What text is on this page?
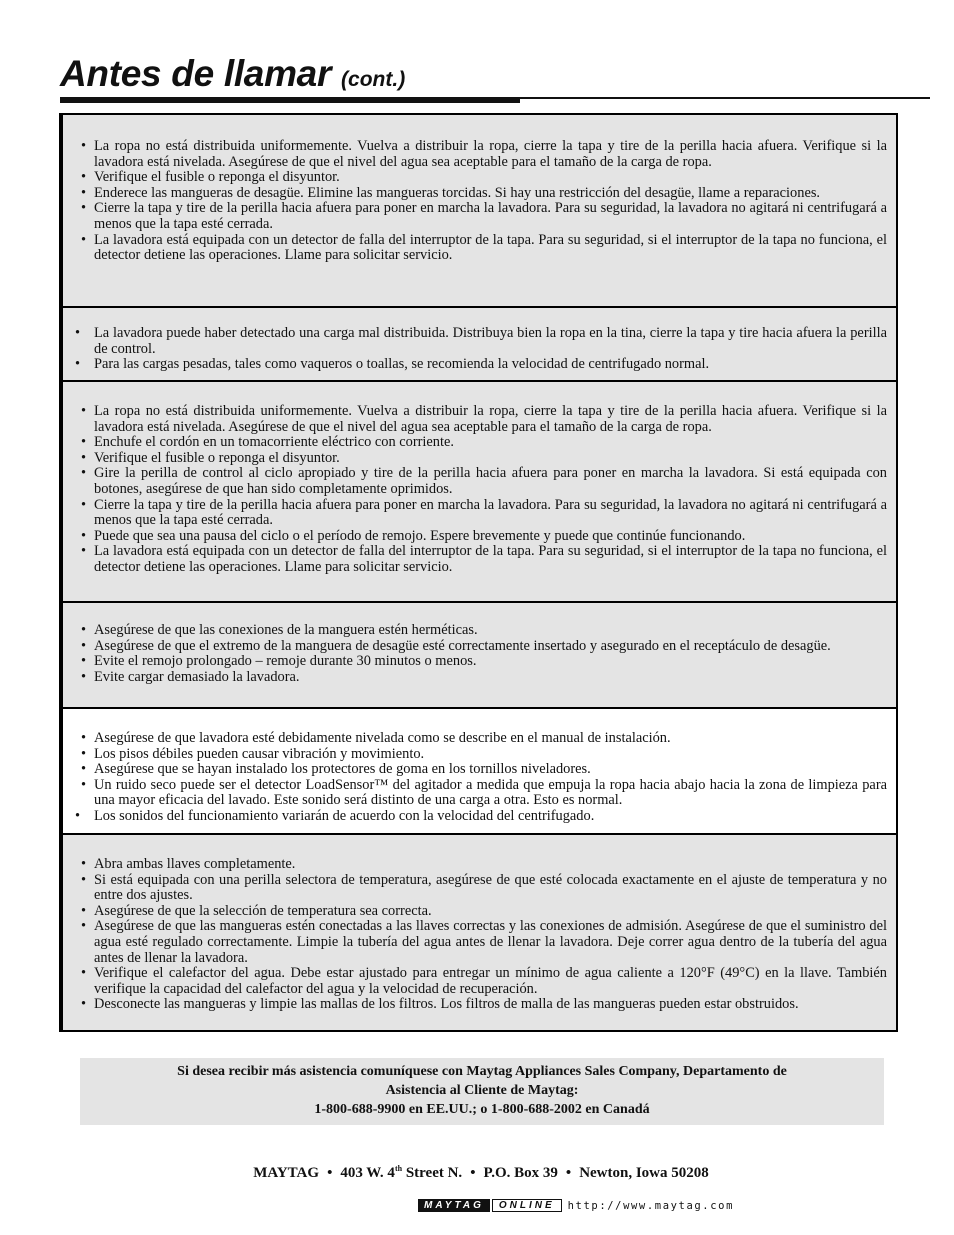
Antes de llamar (cont.)
• La ropa no está distribuida uniformemente. Vuelva a distribuir la ropa, cierre la tapa y tire de la perilla hacia afuera. Verifique si la lavadora está nivelada. Asegúrese de que el nivel del agua sea aceptable para el tamaño de la carga de ropa.
• Verifique el fusible o reponga el disyuntor.
• Enderece las mangueras de desagüe. Elimine las mangueras torcidas. Si hay una restricción del desagüe, llame a reparaciones.
• Cierre la tapa y tire de la perilla hacia afuera para poner en marcha la lavadora. Para su seguridad, la lavadora no agitará ni centrifugará a menos que la tapa esté cerrada.
• La lavadora está equipada con un detector de falla del interruptor de la tapa. Para su seguridad, si el interruptor de la tapa no funciona, el detector detiene las operaciones. Llame para solicitar servicio.
• La lavadora puede haber detectado una carga mal distribuida. Distribuya bien la ropa en la tina, cierre la tapa y tire hacia afuera la perilla de control.
• Para las cargas pesadas, tales como vaqueros o toallas, se recomienda la velocidad de centrifugado normal.
• La ropa no está distribuida uniformemente. Vuelva a distribuir la ropa, cierre la tapa y tire de la perilla hacia afuera. Verifique si la lavadora está nivelada. Asegúrese de que el nivel del agua sea aceptable para el tamaño de la carga de ropa.
• Enchufe el cordón en un tomacorriente eléctrico con corriente.
• Verifique el fusible o reponga el disyuntor.
• Gire la perilla de control al ciclo apropiado y tire de la perilla hacia afuera para poner en marcha la lavadora. Si está equipada con botones, asegúrese de que han sido completamente oprimidos.
• Cierre la tapa y tire de la perilla hacia afuera para poner en marcha la lavadora. Para su seguridad, la lavadora no agitará ni centrifugará a menos que la tapa esté cerrada.
• Puede que sea una pausa del ciclo o el período de remojo. Espere brevemente y puede que continúe funcionando.
• La lavadora está equipada con un detector de falla del interruptor de la tapa. Para su seguridad, si el interruptor de la tapa no funciona, el detector detiene las operaciones. Llame para solicitar servicio.
• Asegúrese de que las conexiones de la manguera estén herméticas.
• Asegúrese de que el extremo de la manguera de desagüe esté correctamente insertado y asegurado en el receptáculo de desagüe.
• Evite el remojo prolongado – remoje durante 30 minutos o menos.
• Evite cargar demasiado la lavadora.
• Asegúrese de que lavadora esté debidamente nivelada como se describe en el manual de instalación.
• Los pisos débiles pueden causar vibración y movimiento.
• Asegúrese que se hayan instalado los protectores de goma en los tornillos niveladores.
• Un ruido seco puede ser el detector LoadSensor™ del agitador a medida que empuja la ropa hacia abajo hacia la zona de limpieza para una mayor eficacia del lavado. Este sonido será distinto de una carga a otra. Esto es normal.
• Los sonidos del funcionamiento variarán de acuerdo con la velocidad del centrifugado.
• Abra ambas llaves completamente.
• Si está equipada con una perilla selectora de temperatura, asegúrese de que esté colocada exactamente en el ajuste de temperatura y no entre dos ajustes.
• Asegúrese de que la selección de temperatura sea correcta.
• Asegúrese de que las mangueras estén conectadas a las llaves correctas y las conexiones de admisión. Asegúrese de que el suministro del agua esté regulado correctamente. Limpie la tubería del agua antes de llenar la lavadora. Deje correr agua dentro de la tubería del agua antes de llenar la lavadora.
• Verifique el calefactor del agua. Debe estar ajustado para entregar un mínimo de agua caliente a 120°F (49°C) en la llave. También verifique la capacidad del calefactor del agua y la velocidad de recuperación.
• Desconecte las mangueras y limpie las mallas de los filtros. Los filtros de malla de las mangueras pueden estar obstruidos.

Si desea recibir más asistencia comuníquese con Maytag Appliances Sales Company, Departamento de

Asistencia al Cliente de Maytag:

1-800-688-9900 en EE.UU.; o 1-800-688-2002 en Canadá

MAYTAG • 403 W. 4th Street N. • P.O. Box 39 • Newton, Iowa 50208
MAYTAG	ONLINE	http://www.maytag.com
